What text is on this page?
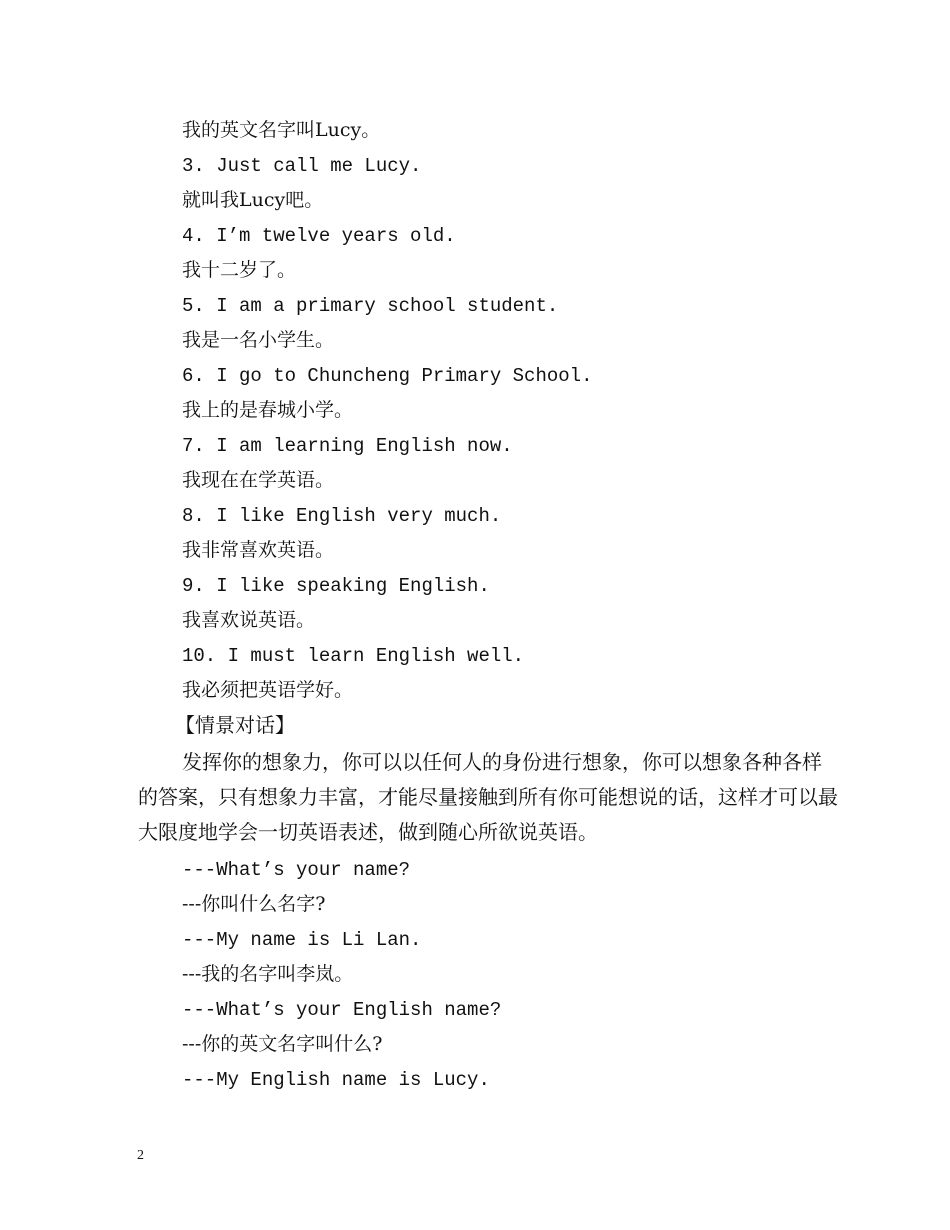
我的英文名字叫Lucy。
3. Just call me Lucy.
就叫我Lucy吧。
4. I’m twelve years old.
我十二岁了。
5. I am a primary school student.
我是一名小学生。
6. I go to Chuncheng Primary School.
我上的是春城小学。
7. I am learning English now.
我现在在学英语。
8. I like English very much.
我非常喜欢英语。
9. I like speaking English.
我喜欢说英语。
10. I must learn English well.
我必须把英语学好。
【情景对话】

发挥你的想象力，你可以以任何人的身份进行想象，你可以想象各种各样的答案，只有想象力丰富，才能尽量接触到所有你可能想说的话，这样才可以最大限度地学会一切英语表述，做到随心所欲说英语。

---What’s your name?
---你叫什么名字?
---My name is Li Lan.
---我的名字叫李岚。
---What’s your English name?
---你的英文名字叫什么?
---My English name is Lucy.
2
